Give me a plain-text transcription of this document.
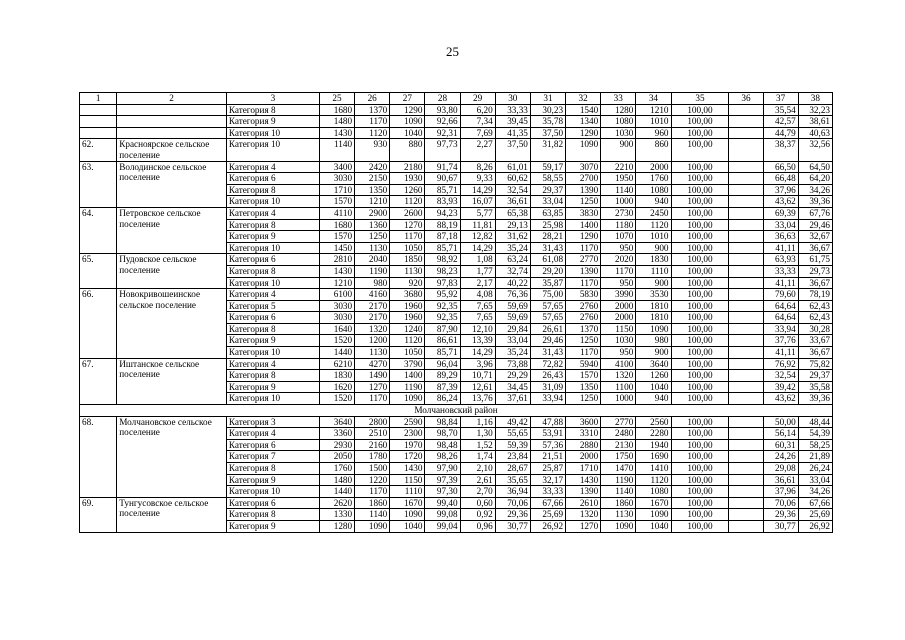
25
1	2	3	25	26	27	28	29	30	31	32	33	34	35	36	37	38
		Категория 8	1680	1370	1290	93,80	6,20	33,33	30,23	1540	1280	1210	100,00		35,54	32,23
		Категория 9	1480	1170	1090	92,66	7,34	39,45	35,78	1340	1080	1010	100,00		42,57	38,61
		Категория 10	1430	1120	1040	92,31	7,69	41,35	37,50	1290	1030	960	100,00		44,79	40,63
62.	Красноярское сельское поселение	Категория 10	1140	930	880	97,73	2,27	37,50	31,82	1090	900	860	100,00		38,37	32,56
63.	Володинское сельское поселение	Категория 4	3400	2420	2180	91,74	8,26	61,01	59,17	3070	2210	2000	100,00		66,50	64,50
		Категория 6	3030	2150	1930	90,67	9,33	60,62	58,55	2700	1950	1760	100,00		66,48	64,20
		Категория 8	1710	1350	1260	85,71	14,29	32,54	29,37	1390	1140	1080	100,00		37,96	34,26
		Категория 10	1570	1210	1120	83,93	16,07	36,61	33,04	1250	1000	940	100,00		43,62	39,36
64.	Петровское сельское поселение	Категория 4	4110	2900	2600	94,23	5,77	65,38	63,85	3830	2730	2450	100,00		69,39	67,76
		Категория 8	1680	1360	1270	88,19	11,81	29,13	25,98	1400	1180	1120	100,00		33,04	29,46
		Категория 9	1570	1250	1170	87,18	12,82	31,62	28,21	1290	1070	1010	100,00		36,63	32,67
		Категория 10	1450	1130	1050	85,71	14,29	35,24	31,43	1170	950	900	100,00		41,11	36,67
65.	Пудовское сельское поселение	Категория 6	2810	2040	1850	98,92	1,08	63,24	61,08	2770	2020	1830	100,00		63,93	61,75
		Категория 8	1430	1190	1130	98,23	1,77	32,74	29,20	1390	1170	1110	100,00		33,33	29,73
		Категория 10	1210	980	920	97,83	2,17	40,22	35,87	1170	950	900	100,00		41,11	36,67
66.	Новокривошеинское сельское поселение	Категория 4	6100	4160	3680	95,92	4,08	76,36	75,00	5830	3990	3530	100,00		79,60	78,19
		Категория 5	3030	2170	1960	92,35	7,65	59,69	57,65	2760	2000	1810	100,00		64,64	62,43
		Категория 6	3030	2170	1960	92,35	7,65	59,69	57,65	2760	2000	1810	100,00		64,64	62,43
		Категория 8	1640	1320	1240	87,90	12,10	29,84	26,61	1370	1150	1090	100,00		33,94	30,28
		Категория 9	1520	1200	1120	86,61	13,39	33,04	29,46	1250	1030	980	100,00		37,76	33,67
		Категория 10	1440	1130	1050	85,71	14,29	35,24	31,43	1170	950	900	100,00		41,11	36,67
67.	Иштанское сельское поселение	Категория 4	6210	4270	3790	96,04	3,96	73,88	72,82	5940	4100	3640	100,00		76,92	75,82
		Категория 8	1830	1490	1400	89,29	10,71	29,29	26,43	1570	1320	1260	100,00		32,54	29,37
		Категория 9	1620	1270	1190	87,39	12,61	34,45	31,09	1350	1100	1040	100,00		39,42	35,58
		Категория 10	1520	1170	1090	86,24	13,76	37,61	33,94	1250	1000	940	100,00		43,62	39,36
Молчановский район																
68.	Молчановское сельское поселение	Категория 3	3640	2800	2590	98,84	1,16	49,42	47,88	3600	2770	2560	100,00		50,00	48,44
		Категория 4	3360	2510	2300	98,70	1,30	55,65	53,91	3310	2480	2280	100,00		56,14	54,39
		Категория 6	2930	2160	1970	98,48	1,52	59,39	57,36	2880	2130	1940	100,00		60,31	58,25
		Категория 7	2050	1780	1720	98,26	1,74	23,84	21,51	2000	1750	1690	100,00		24,26	21,89
		Категория 8	1760	1500	1430	97,90	2,10	28,67	25,87	1710	1470	1410	100,00		29,08	26,24
		Категория 9	1480	1220	1150	97,39	2,61	35,65	32,17	1430	1190	1120	100,00		36,61	33,04
		Категория 10	1440	1170	1110	97,30	2,70	36,94	33,33	1390	1140	1080	100,00		37,96	34,26
69.	Тунгусовское сельское поселение	Категория 6	2620	1860	1670	99,40	0,60	70,06	67,66	2610	1860	1670	100,00		70,06	67,66
		Категория 8	1330	1140	1090	99,08	0,92	29,36	25,69	1320	1130	1090	100,00		29,36	25,69
		Категория 9	1280	1090	1040	99,04	0,96	30,77	26,92	1270	1090	1040	100,00		30,77	26,92
